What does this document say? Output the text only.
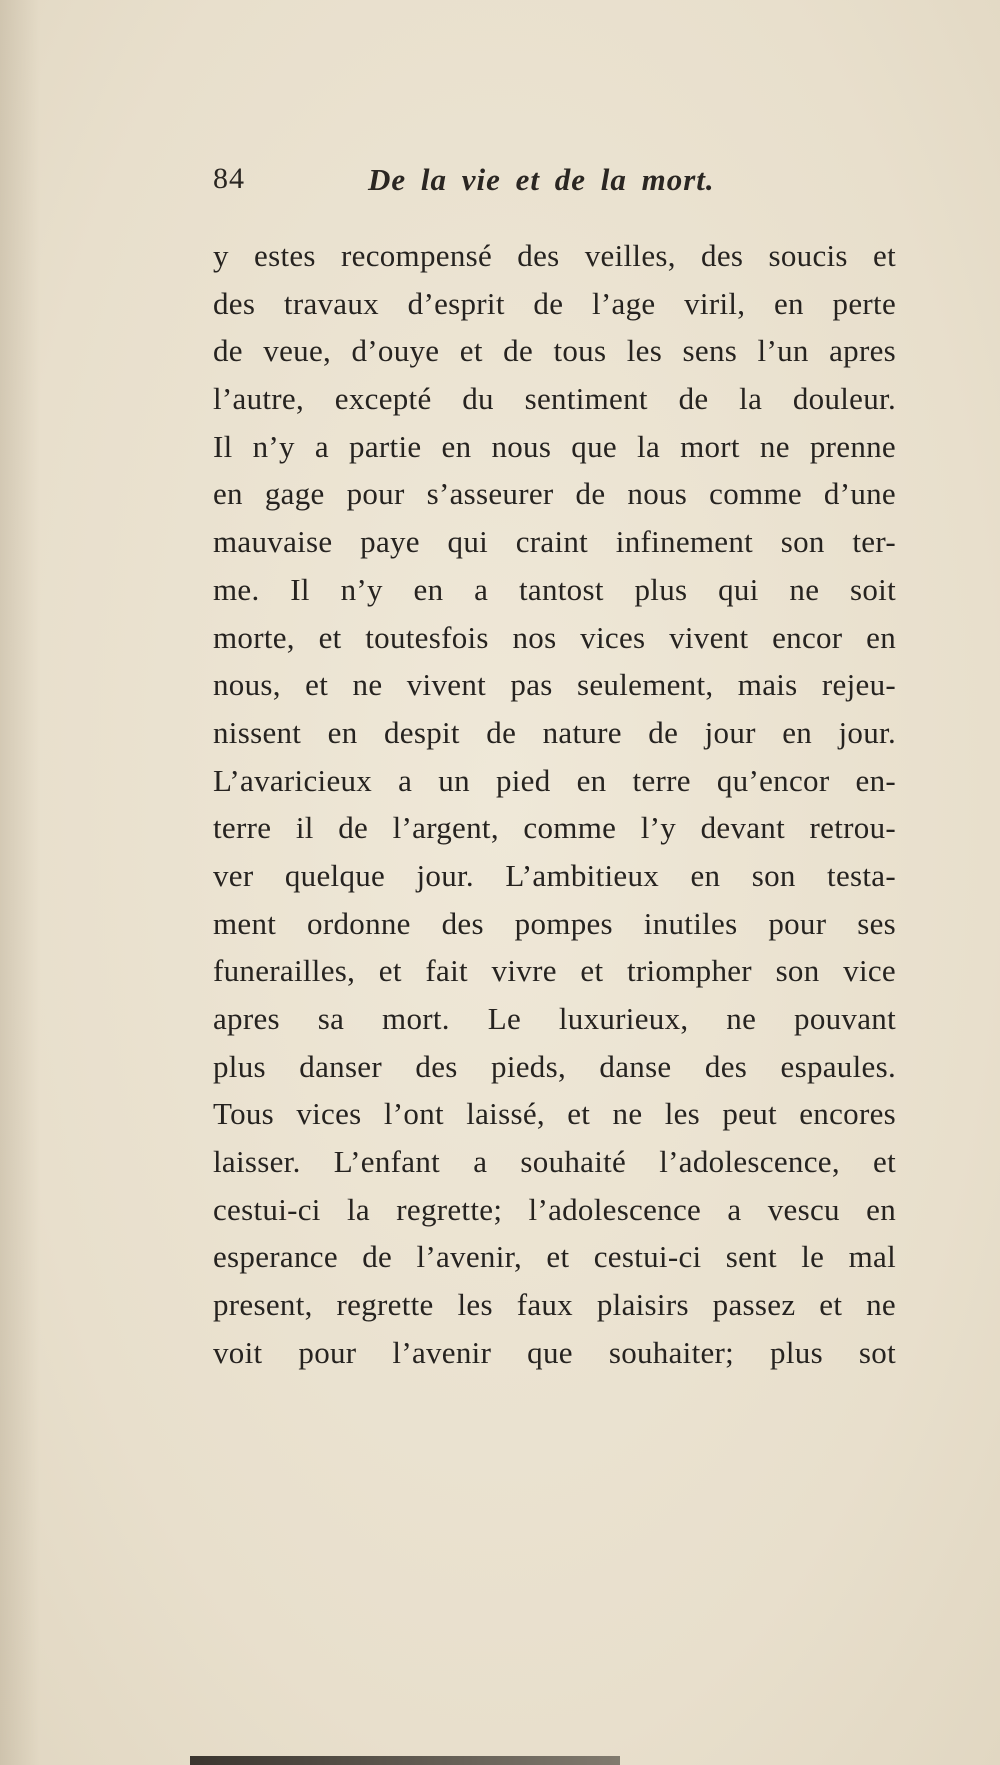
84	De la vie et de la mort.
y estes recompensé des veilles, des soucis et
des travaux d’esprit de l’age viril, en perte
de veue, d’ouye et de tous les sens l’un apres
l’autre, excepté du sentiment de la douleur.
Il n’y a partie en nous que la mort ne prenne
en gage pour s’asseurer de nous comme d’une
mauvaise paye qui craint infinement son ter-
me. Il n’y en a tantost plus qui ne soit
morte, et toutesfois nos vices vivent encor en
nous, et ne vivent pas seulement, mais rejeu-
nissent en despit de nature de jour en jour.
L’avaricieux a un pied en terre qu’encor en-
terre il de l’argent, comme l’y devant retrou-
ver quelque jour. L’ambitieux en son testa-
ment ordonne des pompes inutiles pour ses
funerailles, et fait vivre et triompher son vice
apres sa mort. Le luxurieux, ne pouvant
plus danser des pieds, danse des espaules.
Tous vices l’ont laissé, et ne les peut encores
laisser. L’enfant a souhaité l’adolescence, et
cestui-ci la regrette; l’adolescence a vescu en
esperance de l’avenir, et cestui-ci sent le mal
present, regrette les faux plaisirs passez et ne
voit pour l’avenir que souhaiter; plus sot
